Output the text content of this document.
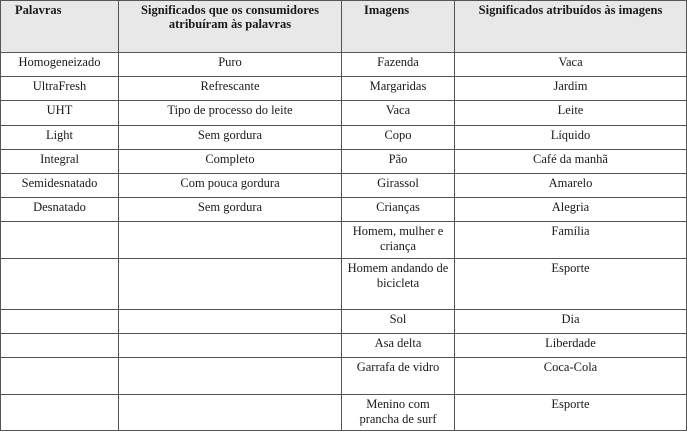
Palavras	Significados que os consumidores atribuíram às palavras	Imagens	Significados atribuídos às imagens
Homogeneizado	Puro	Fazenda	Vaca
UltraFresh	Refrescante	Margaridas	Jardim
UHT	Tipo de processo do leite	Vaca	Leite
Light	Sem gordura	Copo	Líquido
Integral	Completo	Pão	Café da manhã
Semidesnatado	Com pouca gordura	Girassol	Amarelo
Desnatado	Sem gordura	Crianças	Alegria
		Homem, mulher e criança	Família
		Homem andando de bicicleta	Esporte
		Sol	Dia
		Asa delta	Liberdade
		Garrafa de vidro	Coca-Cola
		Menino com prancha de surf	Esporte
